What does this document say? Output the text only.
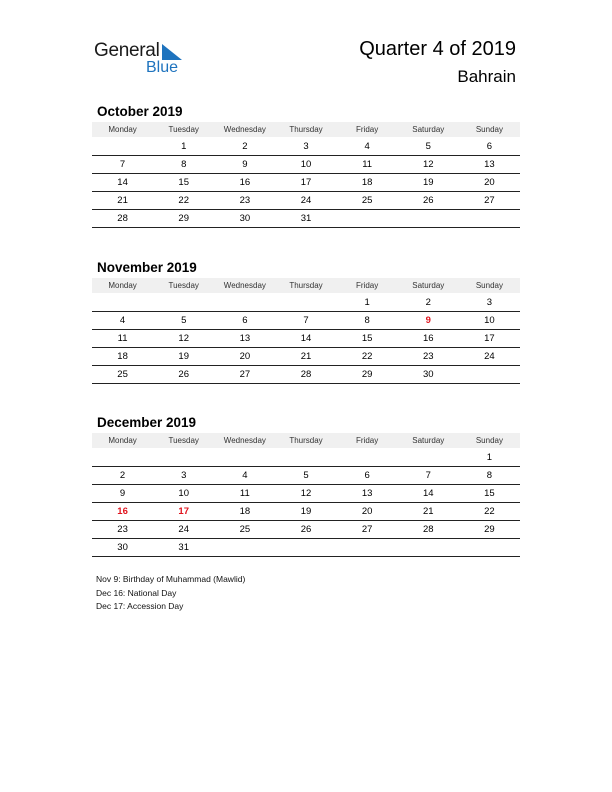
General
Blue
Quarter 4 of 2019
Bahrain
October 2019
Monday	Tuesday	Wednesday	Thursday	Friday	Saturday	Sunday
	1	2	3	4	5	6
7	8	9	10	11	12	13
14	15	16	17	18	19	20
21	22	23	24	25	26	27
28	29	30	31			
November 2019
Monday	Tuesday	Wednesday	Thursday	Friday	Saturday	Sunday
				1	2	3
4	5	6	7	8	9	10
11	12	13	14	15	16	17
18	19	20	21	22	23	24
25	26	27	28	29	30	
December 2019
Monday	Tuesday	Wednesday	Thursday	Friday	Saturday	Sunday
						1
2	3	4	5	6	7	8
9	10	11	12	13	14	15
16	17	18	19	20	21	22
23	24	25	26	27	28	29
30	31					
Nov 9: Birthday of Muhammad (Mawlid)
Dec 16: National Day
Dec 17: Accession Day
